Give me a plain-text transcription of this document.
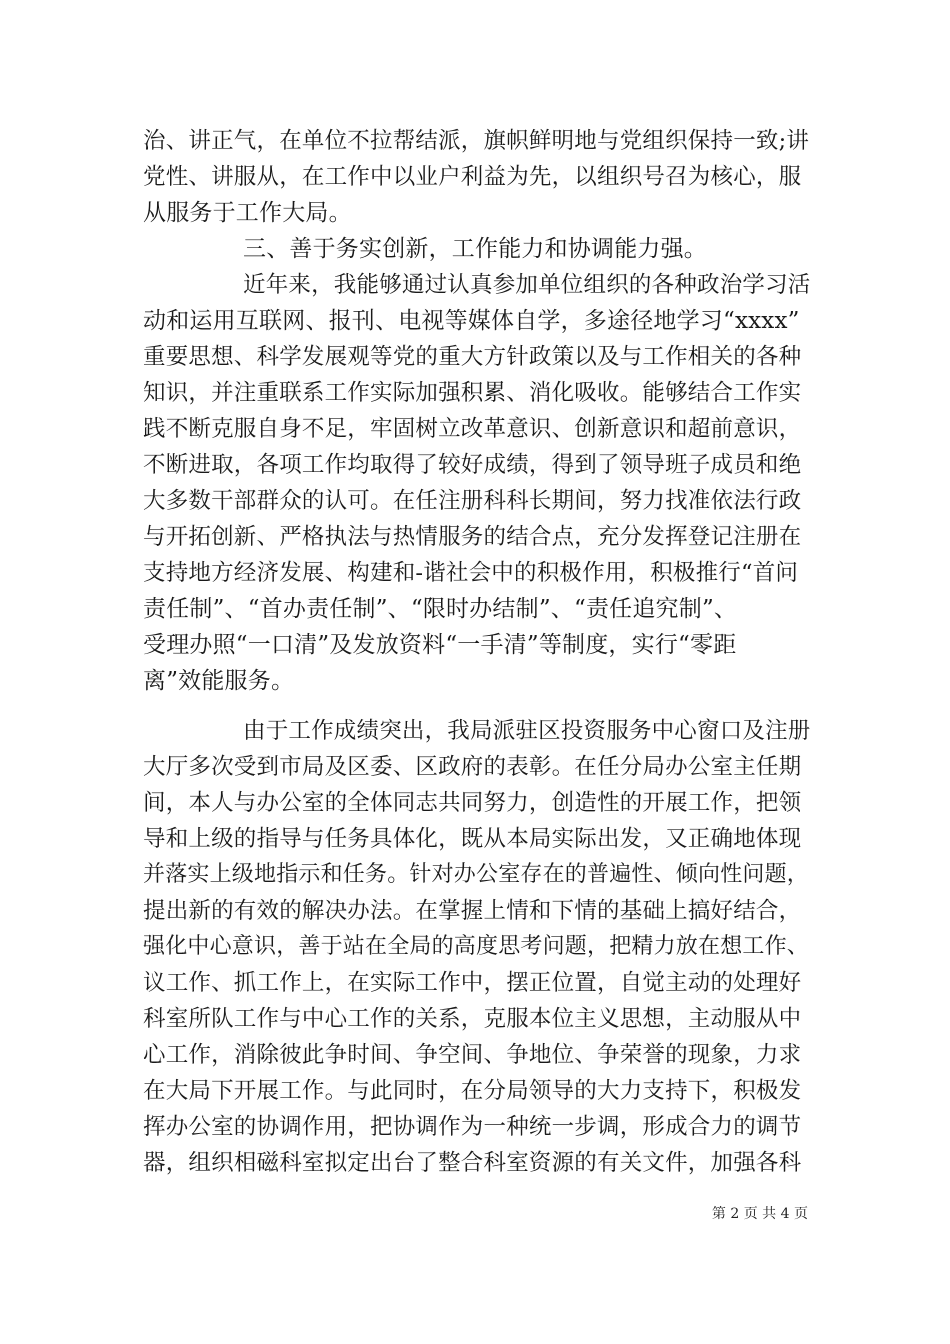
治、讲正气，在单位不拉帮结派，旗帜鲜明地与党组织保持一致;讲
党性、讲服从，在工作中以业户利益为先，以组织号召为核心，服
从服务于工作大局。
三、善于务实创新，工作能力和协调能力强。
近年来，我能够通过认真参加单位组织的各种政治学习活
动和运用互联网、报刊、电视等媒体自学，多途径地学习“xxxx”
重要思想、科学发展观等党的重大方针政策以及与工作相关的各种
知识，并注重联系工作实际加强积累、消化吸收。能够结合工作实
践不断克服自身不足，牢固树立改革意识、创新意识和超前意识，
不断进取，各项工作均取得了较好成绩，得到了领导班子成员和绝
大多数干部群众的认可。在任注册科科长期间，努力找准依法行政
与开拓创新、严格执法与热情服务的结合点，充分发挥登记注册在
支持地方经济发展、构建和-谐社会中的积极作用，积极推行“首问
责任制”、“首办责任制”、“限时办结制”、“责任追究制”、
受理办照“一口清”及发放资料“一手清”等制度，实行“零距
离”效能服务。
由于工作成绩突出，我局派驻区投资服务中心窗口及注册
大厅多次受到市局及区委、区政府的表彰。在任分局办公室主任期
间，本人与办公室的全体同志共同努力，创造性的开展工作，把领
导和上级的指导与任务具体化，既从本局实际出发，又正确地体现
并落实上级地指示和任务。针对办公室存在的普遍性、倾向性问题，
提出新的有效的解决办法。在掌握上情和下情的基础上搞好结合，
强化中心意识，善于站在全局的高度思考问题，把精力放在想工作、
议工作、抓工作上，在实际工作中，摆正位置，自觉主动的处理好
科室所队工作与中心工作的关系，克服本位主义思想，主动服从中
心工作，消除彼此争时间、争空间、争地位、争荣誉的现象，力求
在大局下开展工作。与此同时，在分局领导的大力支持下，积极发
挥办公室的协调作用，把协调作为一种统一步调，形成合力的调节
器，组织相磁科室拟定出台了整合科室资源的有关文件，加强各科
第 2 页 共 4 页
